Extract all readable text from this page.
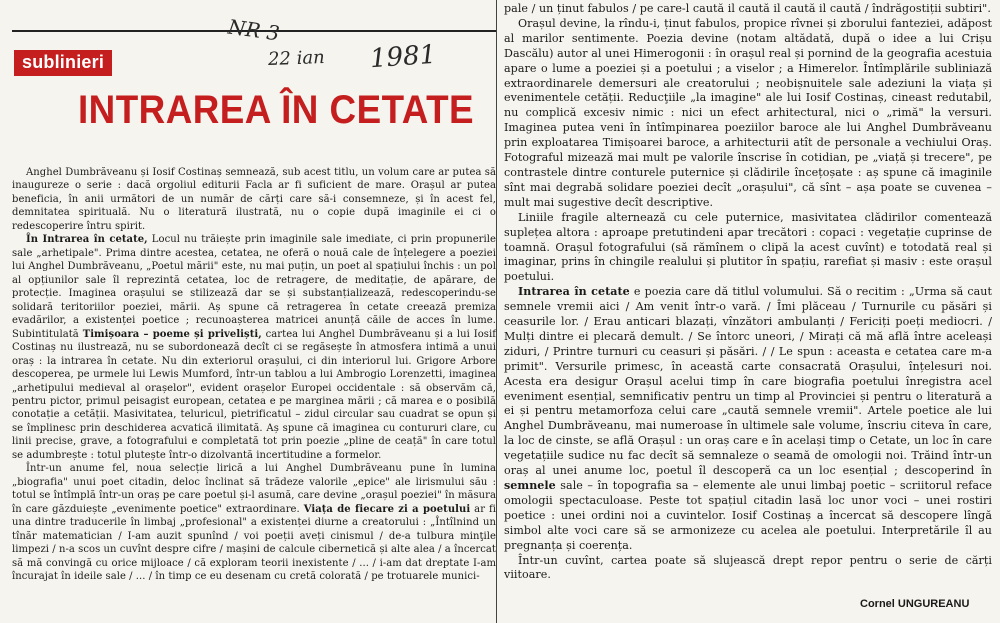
NR 3
22 ian 1981
sublinieri
INTRAREA ÎN CETATE

Anghel Dumbrăveanu și Iosif Costinaș semnează, sub acest titlu, un volum care ar putea să inaugureze o serie : dacă orgoliul editurii Facla ar fi suficient de mare. Orașul ar putea beneficia, în anii următori de un număr de cărți care să-i consemneze, și în acest fel, demnitatea spirituală. Nu o literatură ilustrată, nu o copie după imaginile ei ci o redescoperire întru spirit.

În Intrarea în cetate, Locul nu trăiește prin imaginile sale imediate, ci prin propunerile sale „arhetipale". Prima dintre acestea, cetatea, ne oferă o nouă cale de înțelegere a poeziei lui Anghel Dumbrăveanu, „Poetul mării" este, nu mai puțin, un poet al spațiului închis : un pol al opțiunilor sale îl reprezintă cetatea, loc de retragere, de meditație, de apărare, de protecție. Imaginea orașului se stilizează dar se și substanțializează, redescoperindu-se solidară teritoriilor poeziei, mării. Aș spune că retragerea în cetate creează premiza evadărilor, a existenței poetice ; recunoașterea matricei anunță căile de acces în lume. Subintitulată Timișoara – poeme și priveliști, cartea lui Anghel Dumbrăveanu și a lui Iosif Costinaș nu ilustrează, nu se subordonează decît ci se regăsește în atmosfera intimă a unui oraș : la intrarea în cetate. Nu din exteriorul orașului, ci din interiorul lui. Grigore Arbore descoperea, pe urmele lui Lewis Mumford, într-un tablou a lui Ambrogio Lorenzetti, imaginea „arhetipului medieval al orașelor", evident orașelor Europei occidentale : să observăm că, pentru pictor, primul peisagist european, cetatea e pe marginea mării ; că marea e o posibilă conotație a cetății. Masivitatea, teluricul, pietrificatul – zidul circular sau cuadrat se opun și se împlinesc prin deschiderea acvatică ilimitată. Aș spune că imaginea cu contururi clare, cu linii precise, grave, a fotografului e completată tot prin poezie „pline de ceață" în care totul se adumbrește : totul plutește într-o dizolvantă incertitudine a formelor.

Într-un anume fel, noua selecție lirică a lui Anghel Dumbrăveanu pune în lumina „biografia" unui poet citadin, deloc înclinat să trădeze valorile „epice" ale lirismului său : totul se întîmplă într-un oraș pe care poetul și-l asumă, care devine „orașul poeziei" în măsura în care găzduiește „evenimente poetice" extraordinare. Viața de fiecare zi a poetului ar fi una dintre traducerile în limbaj „profesional" a existenței diurne a creatorului : „Întîlnind un tînăr matematician / I-am auzit spunînd / voi poeții aveți cinismul / de-a tulbura minţile limpezi / n-a scos un cuvînt despre cifre / mașini de calcule cibernetică și alte alea / a încercat să mă convingă cu orice mijloace / că exploram teorii inexistente / ... / i-am dat dreptate I-am încurajat în ideile sale / ... / în timp ce eu desenam cu cretă colorată / pe trotuarele munici-

pale / un ținut fabulos / pe care-l caută il caută il caută il caută / îndrăgostiții subtiri".

Orașul devine, la rîndu-i, ținut fabulos, propice rîvnei și zborului fanteziei, adăpost al marilor sentimente. Poezia devine (notam altădată, după o idee a lui Crișu Dascălu) autor al unei Himerogonii : în orașul real și pornind de la geografia acestuia apare o lume a poeziei și a poetului ; a viselor ; a Himerelor. Întîmplările subliniază extraordinarele demersuri ale creatorului ; neobișnuitele sale adeziuni la viața și evenimentele cetății. Reducţiile „la imagine" ale lui Iosif Costinaș, cineast redutabil, nu complică excesiv nimic : nici un efect arhitectural, nici o „rimă" la versuri. Imaginea putea veni în întîmpinarea poeziilor baroce ale lui Anghel Dumbrăveanu prin exploatarea Timișoarei baroce, a arhitecturii atît de personale a vechiului Oraș. Fotograful mizează mai mult pe valorile înscrise în cotidian, pe „viață și trecere", pe contrastele dintre conturele puternice și clădirile încețoșate : aș spune că imaginile sînt mai degrabă solidare poeziei decît „orașului", că sînt – așa poate se cuvenea – mult mai sugestive decît descriptive.

Liniile fragile alternează cu cele puternice, masivitatea clădirilor comentează suplețea altora : aproape pretutindeni apar trecători : copaci : vegetație cuprinse de toamnă. Orașul fotografului (să rămînem o clipă la acest cuvînt) e totodată real și imaginar, prins în chingile realului și plutitor în spațiu, rarefiat și masiv : este orașul poetului.

Intrarea în cetate e poezia care dă titlul volumului. Să o recitim : „Urma să caut semnele vremii aici / Am venit într-o vară. / Îmi plăceau / Turnurile cu păsări și ceasurile lor. / Erau anticari blazați, vînzători ambulanți / Fericiți poeți mediocri. / Mulți dintre ei plecară demult. / Se întorc uneori, / Mirați că mă află între aceleași ziduri, / Printre turnuri cu ceasuri și păsări. / / Le spun : aceasta e cetatea care m-a primit". Versurile primesc, în această carte consacrată Orașului, înțelesuri noi. Acesta era desigur Orașul acelui timp în care biografia poetului înregistra acel eveniment esențial, semnificativ pentru un timp al Provinciei și pentru o literatură a ei și pentru metamorfoza celui care „caută semnele vremii". Artele poetice ale lui Anghel Dumbrăveanu, mai numeroase în ultimele sale volume, înscriu citeva în care, la loc de cinste, se află Orașul : un oraș care e în același timp o Cetate, un loc în care vegetațiile sudice nu fac decît să semnaleze o seamă de omologii noi. Trăind într-un oraș al unei anume loc, poetul îl descoperă ca un loc esențial ; descoperind în semnele sale – în topografia sa – elemente ale unui limbaj poetic – scriitorul reface omologii spectaculoase. Peste tot spațiul citadin lasă loc unor voci – unei rostiri poetice : unei ordini noi a cuvintelor. Iosif Costinaș a încercat să descopere lîngă simbol alte voci care să se armonizeze cu acelea ale poetului. Interpretările îl au pregnanța și coerența.

Într-un cuvînt, cartea poate să slujească drept repor pentru o serie de cărți viitoare.

Cornel UNGUREANU
